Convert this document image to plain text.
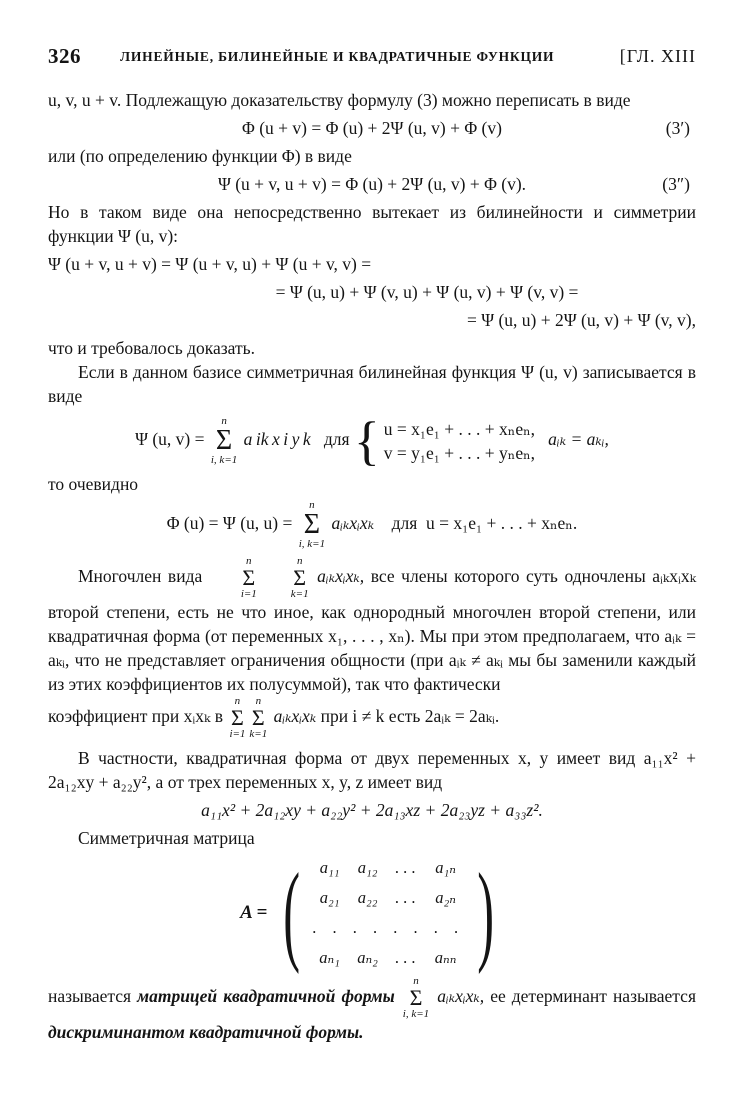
326	ЛИНЕЙНЫЕ, БИЛИНЕЙНЫЕ И КВАДРАТИЧНЫЕ ФУНКЦИИ	[ГЛ. XIII

u, v, u + v. Подлежащую доказательству формулу (3) можно переписать в виде

Φ (u + v) = Φ (u) + 2Ψ (u, v) + Φ (v)	(3′)

или (по определению функции Φ) в виде

Ψ (u + v, u + v) = Φ (u) + 2Ψ (u, v) + Φ (v).	(3″)

Но в таком виде она непосредственно вытекает из билинейности и симметрии функции Ψ (u, v):

Ψ (u + v, u + v) = Ψ (u + v, u) + Ψ (u + v, v) =
= Ψ (u, u) + Ψ (v, u) + Ψ (u, v) + Ψ (v, v) =
= Ψ (u, u) + 2Ψ (u, v) + Ψ (v, v),

что и требовалось доказать.

Если в данном базисе симметричная билинейная функция Ψ (u, v) записывается в виде

Ψ (u, v) =
n
Σ
i, k=1
a ik x i y k для { u = x₁e₁ + . . . + xₙeₙ,
v = y₁e₁ + . . . + yₙeₙ,
aᵢₖ = aₖᵢ,

то очевидно

Φ (u) = Ψ (u, u) =
n
Σ
i, k=1
aᵢₖxᵢxₖ для u = x₁e₁ + . . . + xₙeₙ.

Многочлен вида
n
Σ
i=1
n
Σ
k=1
aᵢₖxᵢxₖ, все члены которого суть одночлены aᵢₖxᵢxₖ второй степени, есть не что иное, как однородный многочлен второй степени, или квадратичная форма (от переменных x₁, . . . , xₙ). Мы при этом предполагаем, что aᵢₖ = aₖᵢ, что не представляет ограничения общности (при aᵢₖ ≠ aₖᵢ мы бы заменили каждый из этих коэффициентов их полусуммой), так что фактически

коэффициент при xᵢxₖ в
n
Σ
i=1
n
Σ
k=1
aᵢₖxᵢxₖ при i ≠ k есть 2aᵢₖ = 2aₖᵢ.

В частности, квадратичная форма от двух переменных x, y имеет вид a₁₁x² + 2a₁₂xy + a₂₂y², а от трех переменных x, y, z имеет вид

a₁₁x² + 2a₁₂xy + a₂₂y² + 2a₁₃xz + 2a₂₃yz + a₃₃z².

Симметричная матрица

A = (	a₁₁	a₁₂	. . .	a₁ₙ
a₂₁	a₂₂	. . .	a₂ₙ
. . . . . . . .
aₙ₁	aₙ₂	. . .	aₙₙ )

называется матрицей квадратичной формы
n
Σ
i, k=1
aᵢₖxᵢxₖ, ее детерминант называется дискриминантом квадратичной формы.
